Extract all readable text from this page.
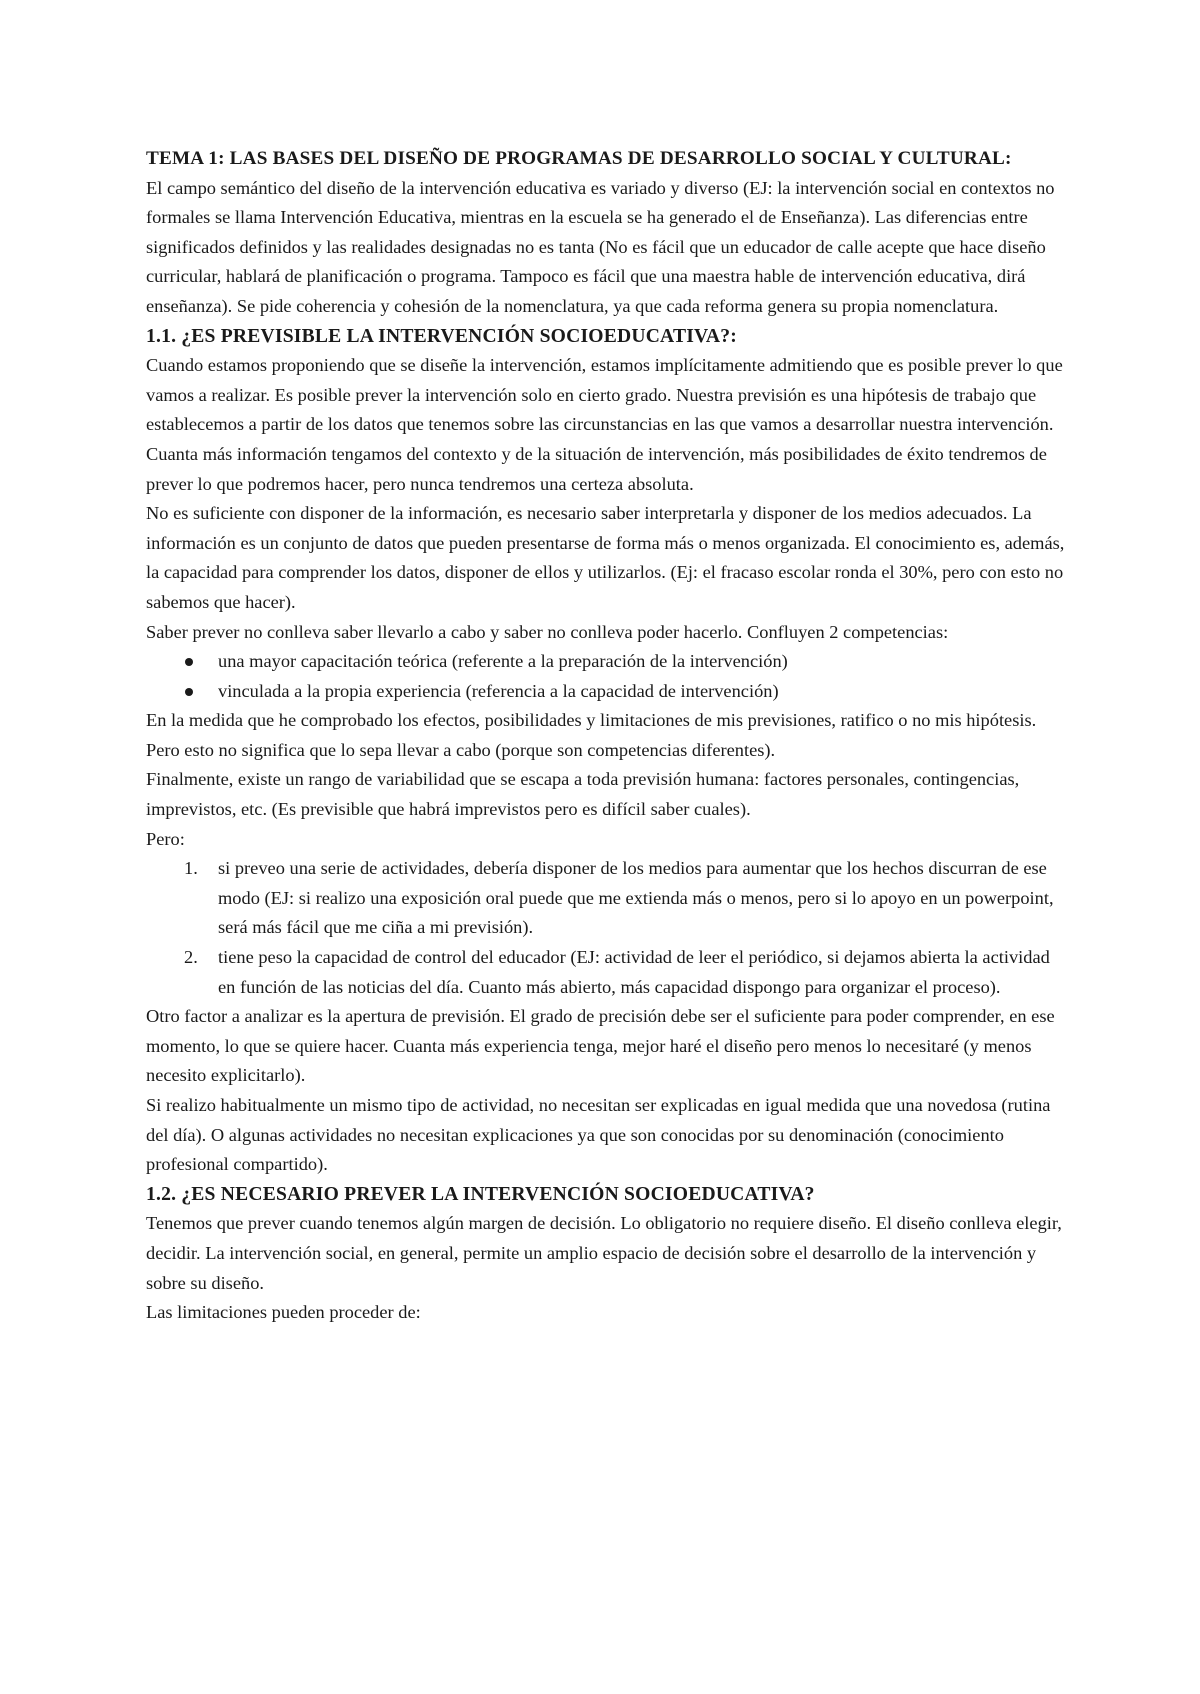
TEMA 1: LAS BASES DEL DISEÑO DE PROGRAMAS DE DESARROLLO SOCIAL Y CULTURAL:

El campo semántico del diseño de la intervención educativa es variado y diverso (EJ: la intervención social en contextos no formales se llama Intervención Educativa, mientras en la escuela se ha generado el de Enseñanza). Las diferencias entre significados definidos y las realidades designadas no es tanta (No es fácil que un educador de calle acepte que hace diseño curricular, hablará de planificación o programa. Tampoco es fácil que una maestra hable de intervención educativa, dirá enseñanza). Se pide coherencia y cohesión de la nomenclatura, ya que cada reforma genera su propia nomenclatura.

1.1. ¿ES PREVISIBLE LA INTERVENCIÓN SOCIOEDUCATIVA?:

Cuando estamos proponiendo que se diseñe la intervención, estamos implícitamente admitiendo que es posible prever lo que vamos a realizar. Es posible prever la intervención solo en cierto grado. Nuestra previsión es una hipótesis de trabajo que establecemos a partir de los datos que tenemos sobre las circunstancias en las que vamos a desarrollar nuestra intervención. Cuanta más información tengamos del contexto y de la situación de intervención, más posibilidades de éxito tendremos de prever lo que podremos hacer, pero nunca tendremos una certeza absoluta.

No es suficiente con disponer de la información, es necesario saber interpretarla y disponer de los medios adecuados. La información es un conjunto de datos que pueden presentarse de forma más o menos organizada. El conocimiento es, además, la capacidad para comprender los datos, disponer de ellos y utilizarlos. (Ej: el fracaso escolar ronda el 30%, pero con esto no sabemos que hacer).

Saber prever no conlleva saber llevarlo a cabo y saber no conlleva poder hacerlo. Confluyen 2 competencias:

una mayor capacitación teórica (referente a la preparación de la intervención)
vinculada a la propia experiencia (referencia a la capacidad de intervención)

En la medida que he comprobado los efectos, posibilidades y limitaciones de mis previsiones, ratifico o no mis hipótesis. Pero esto no significa que lo sepa llevar a cabo (porque son competencias diferentes).

Finalmente, existe un rango de variabilidad que se escapa a toda previsión humana: factores personales, contingencias, imprevistos, etc. (Es previsible que habrá imprevistos pero es difícil saber cuales).

Pero:

1. si preveo una serie de actividades, debería disponer de los medios para aumentar que los hechos discurran de ese modo (EJ: si realizo una exposición oral puede que me extienda más o menos, pero si lo apoyo en un powerpoint, será más fácil que me ciña a mi previsión).
2. tiene peso la capacidad de control del educador (EJ: actividad de leer el periódico, si dejamos abierta la actividad en función de las noticias del día. Cuanto más abierto, más capacidad dispongo para organizar el proceso).

Otro factor a analizar es la apertura de previsión. El grado de precisión debe ser el suficiente para poder comprender, en ese momento, lo que se quiere hacer. Cuanta más experiencia tenga, mejor haré el diseño pero menos lo necesitaré (y menos necesito explicitarlo).

Si realizo habitualmente un mismo tipo de actividad, no necesitan ser explicadas en igual medida que una novedosa (rutina del día). O algunas actividades no necesitan explicaciones ya que son conocidas por su denominación (conocimiento profesional compartido).

1.2. ¿ES NECESARIO PREVER LA INTERVENCIÓN SOCIOEDUCATIVA?

Tenemos que prever cuando tenemos algún margen de decisión. Lo obligatorio no requiere diseño. El diseño conlleva elegir, decidir. La intervención social, en general, permite un amplio espacio de decisión sobre el desarrollo de la intervención y sobre su diseño.

Las limitaciones pueden proceder de:
